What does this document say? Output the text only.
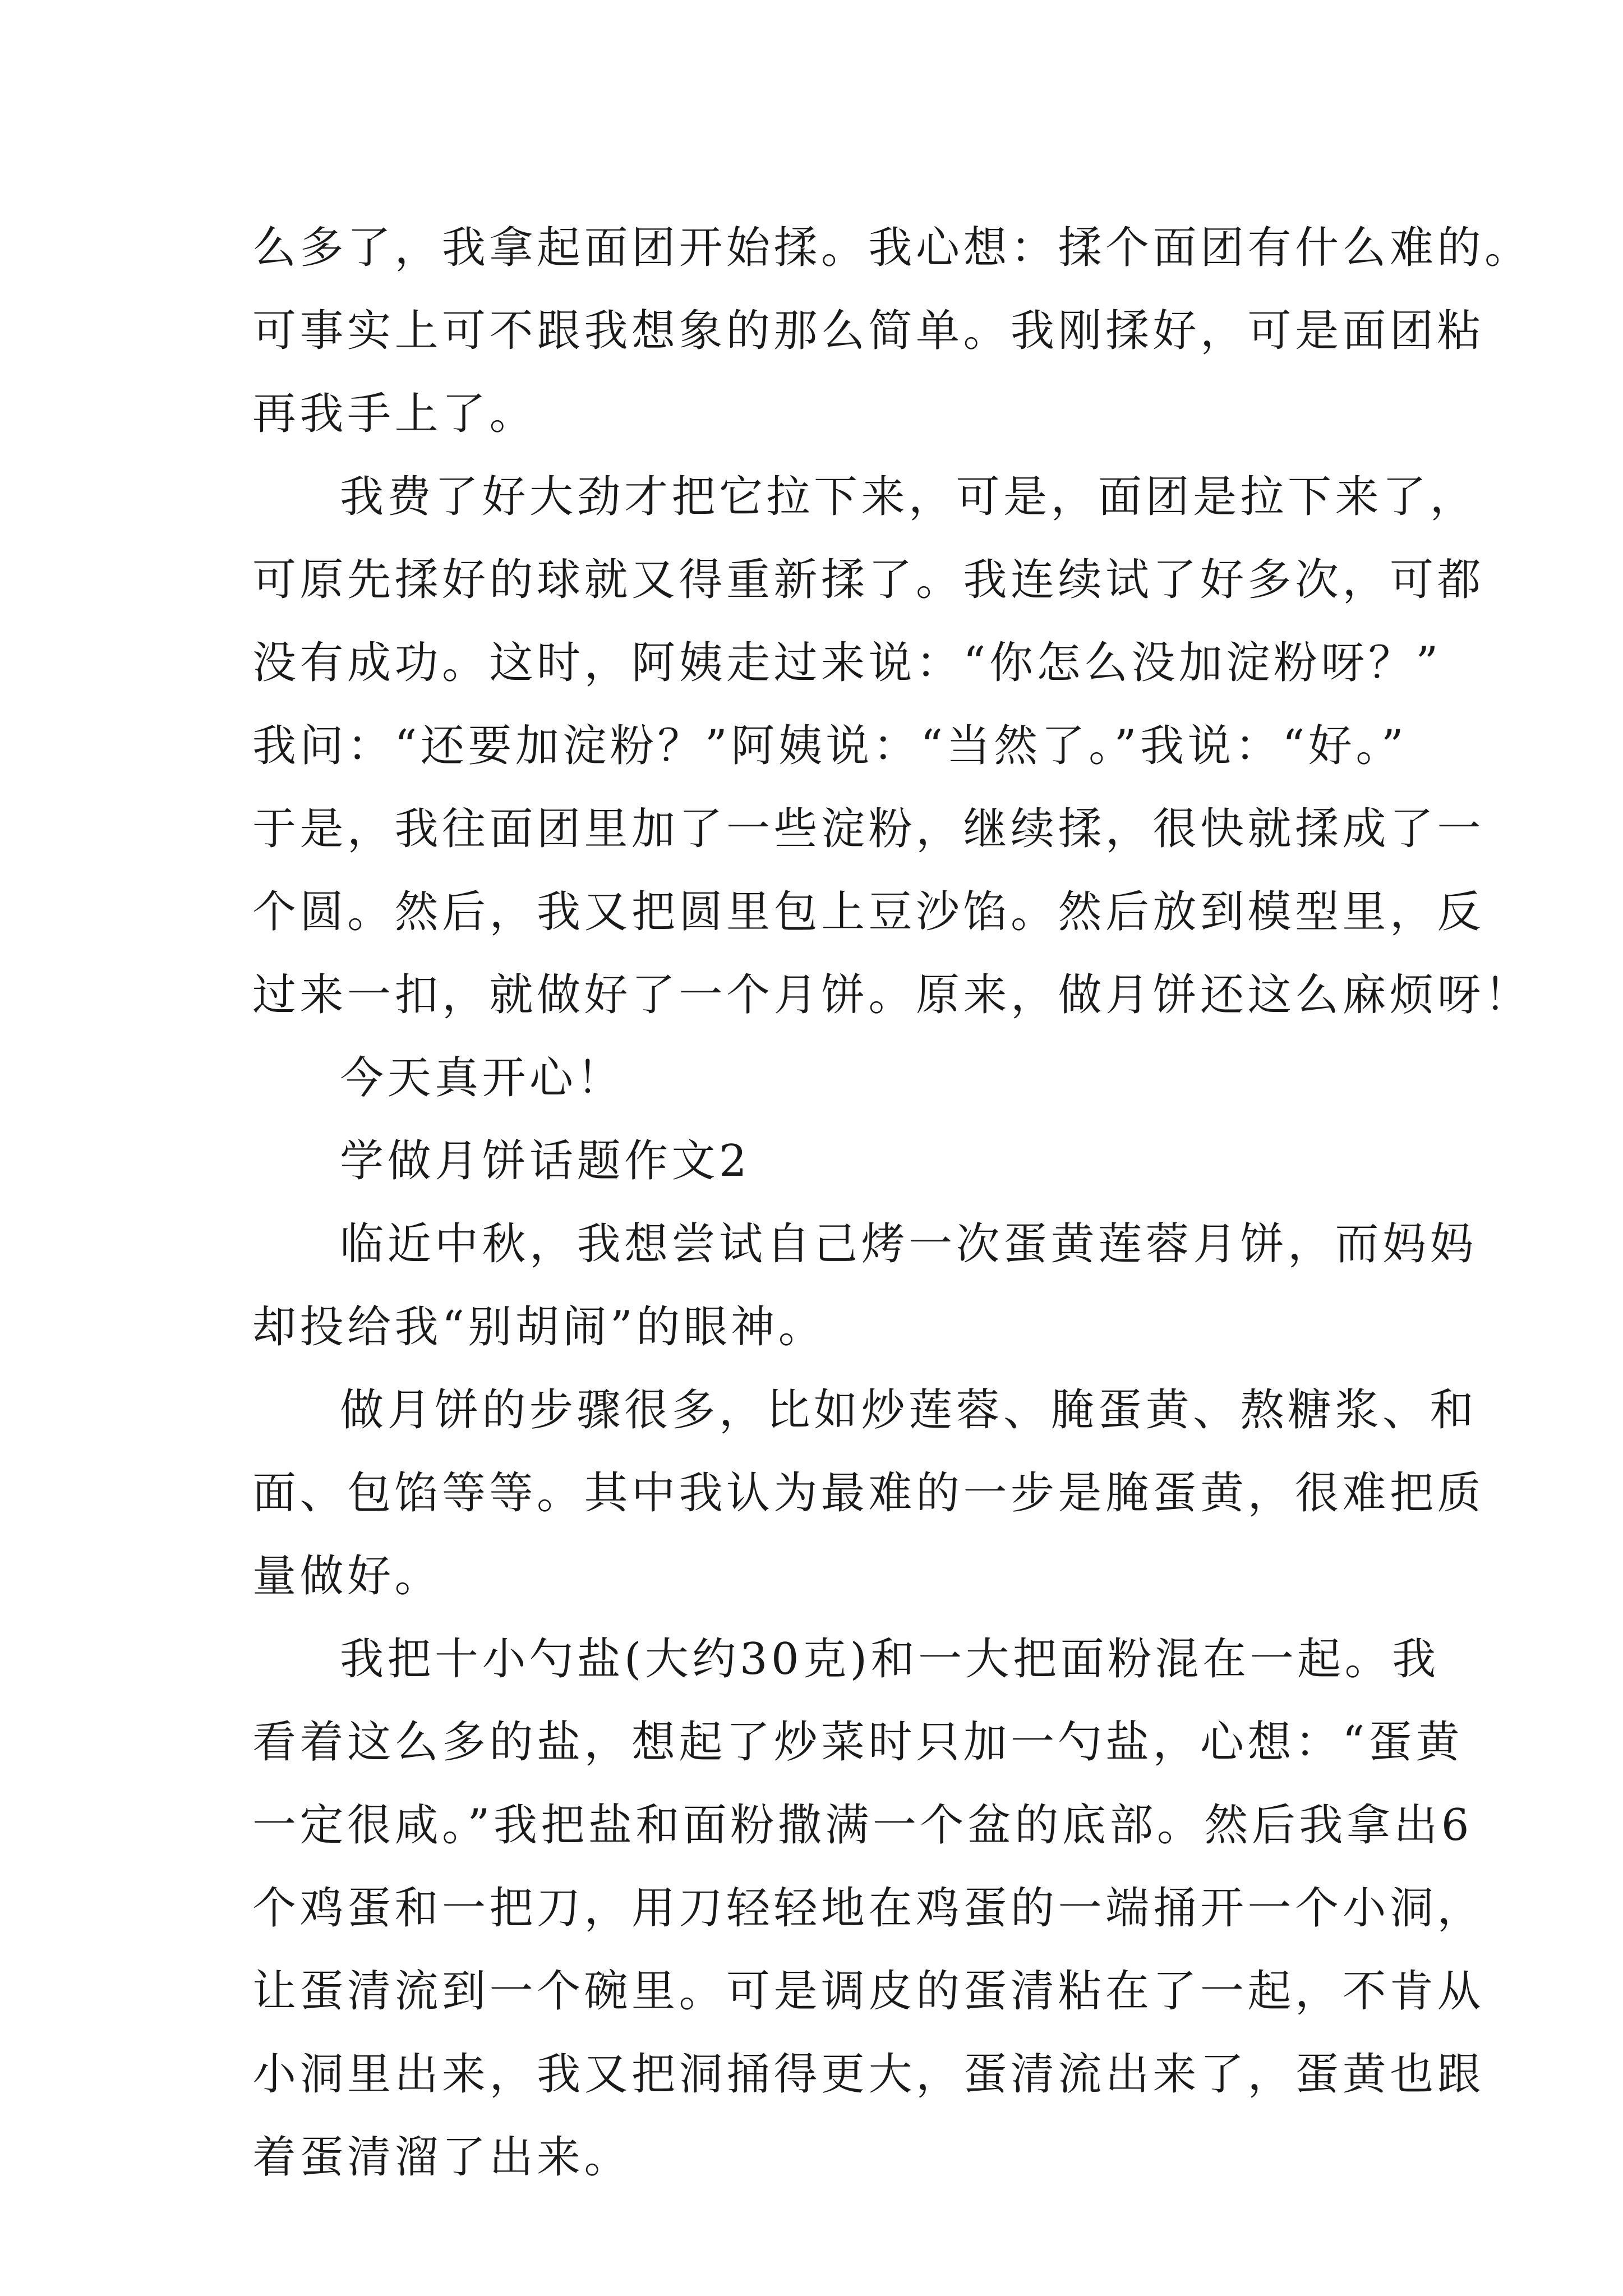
么多了，我拿起面团开始揉。我心想：揉个面团有什么难的。

可事实上可不跟我想象的那么简单。我刚揉好，可是面团粘

再我手上了。

我费了好大劲才把它拉下来，可是，面团是拉下来了，

可原先揉好的球就又得重新揉了。我连续试了好多次，可都

没有成功。这时，阿姨走过来说：“你怎么没加淀粉呀？”

我问：“还要加淀粉？”阿姨说：“当然了。”我说：“好。”

于是，我往面团里加了一些淀粉，继续揉，很快就揉成了一

个圆。然后，我又把圆里包上豆沙馅。然后放到模型里，反

过来一扣，就做好了一个月饼。原来，做月饼还这么麻烦呀！

今天真开心！

学做月饼话题作文2

临近中秋，我想尝试自己烤一次蛋黄莲蓉月饼，而妈妈

却投给我“别胡闹”的眼神。

做月饼的步骤很多，比如炒莲蓉、腌蛋黄、熬糖浆、和

面、包馅等等。其中我认为最难的一步是腌蛋黄，很难把质

量做好。

我把十小勺盐(大约30克)和一大把面粉混在一起。我

看着这么多的盐，想起了炒菜时只加一勺盐，心想：“蛋黄

一定很咸。”我把盐和面粉撒满一个盆的底部。然后我拿出6

个鸡蛋和一把刀，用刀轻轻地在鸡蛋的一端捅开一个小洞，

让蛋清流到一个碗里。可是调皮的蛋清粘在了一起，不肯从

小洞里出来，我又把洞捅得更大，蛋清流出来了，蛋黄也跟

着蛋清溜了出来。
